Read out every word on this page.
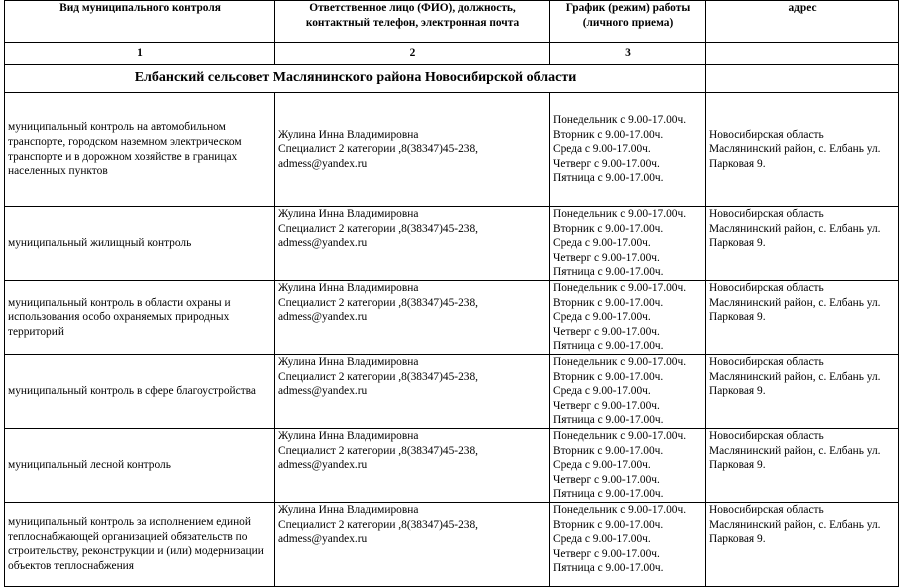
Вид муниципального контроля	Ответственное лицо (ФИО), должность,
контактный телефон, электронная почта	График (режим) работы
(личного приема)	адрес
1	2	3	
Елбанский сельсовет Маслянинского района Новосибирской области			
муниципальный контроль на автомобильном транспорте, городском наземном электрическом транспорте и в дорожном хозяйстве в границах населенных пунктов	Жулина Инна Владимировна
Специалист 2 категории ,8(38347)45-238,
admess@yandex.ru	Понедельник с 9.00-17.00ч.
Вторник с 9.00-17.00ч.
Среда с 9.00-17.00ч.
Четверг с 9.00-17.00ч.
Пятница с 9.00-17.00ч.	Новосибирская область
Маслянинский район, с. Елбань ул.
Парковая 9.

муниципальный жилищный контроль	Жулина Инна Владимировна
Специалист 2 категории ,8(38347)45-238,
admess@yandex.ru	Понедельник с 9.00-17.00ч.
Вторник с 9.00-17.00ч.
Среда с 9.00-17.00ч.
Четверг с 9.00-17.00ч.
Пятница с 9.00-17.00ч.	Новосибирская область
Маслянинский район, с. Елбань ул.
Парковая 9.

муниципальный контроль в области охраны и использования особо охраняемых природных территорий	Жулина Инна Владимировна
Специалист 2 категории ,8(38347)45-238,
admess@yandex.ru	Понедельник с 9.00-17.00ч.
Вторник с 9.00-17.00ч.
Среда с 9.00-17.00ч.
Четверг с 9.00-17.00ч.
Пятница с 9.00-17.00ч.	Новосибирская область
Маслянинский район, с. Елбань ул.
Парковая 9.

муниципальный контроль в сфере благоустройства	Жулина Инна Владимировна
Специалист 2 категории ,8(38347)45-238,
admess@yandex.ru	Понедельник с 9.00-17.00ч.
Вторник с 9.00-17.00ч.
Среда с 9.00-17.00ч.
Четверг с 9.00-17.00ч.
Пятница с 9.00-17.00ч.	Новосибирская область
Маслянинский район, с. Елбань ул.
Парковая 9.

муниципальный лесной контроль	Жулина Инна Владимировна
Специалист 2 категории ,8(38347)45-238,
admess@yandex.ru	Понедельник с 9.00-17.00ч.
Вторник с 9.00-17.00ч.
Среда с 9.00-17.00ч.
Четверг с 9.00-17.00ч.
Пятница с 9.00-17.00ч.	Новосибирская область
Маслянинский район, с. Елбань ул.
Парковая 9.

муниципальный контроль за исполнением единой теплоснабжающей организацией обязательств по строительству, реконструкции и (или) модернизации объектов теплоснабжения	Жулина Инна Владимировна
Специалист 2 категории ,8(38347)45-238,
admess@yandex.ru	Понедельник с 9.00-17.00ч.
Вторник с 9.00-17.00ч.
Среда с 9.00-17.00ч.
Четверг с 9.00-17.00ч.
Пятница с 9.00-17.00ч.	Новосибирская область
Маслянинский район, с. Елбань ул.
Парковая 9.
